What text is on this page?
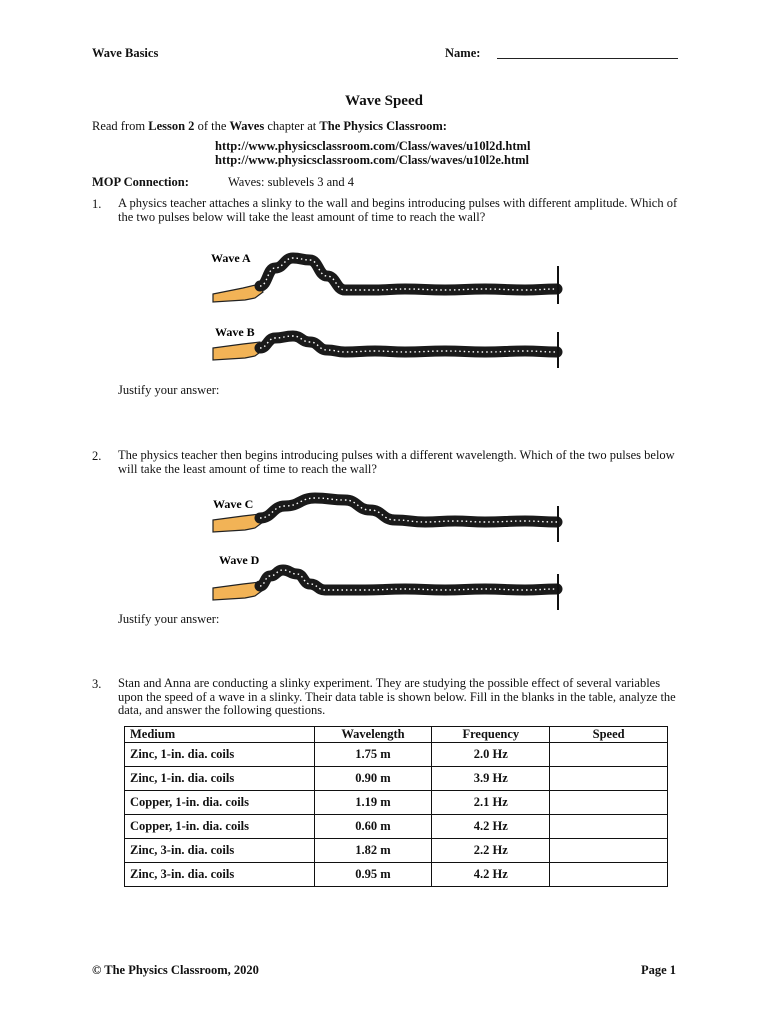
Wave Basics	Name:
Wave Speed
Read from Lesson 2 of the Waves chapter at The Physics Classroom:
http://www.physicsclassroom.com/Class/waves/u10l2d.html
http://www.physicsclassroom.com/Class/waves/u10l2e.html
MOP Connection:	Waves: sublevels 3 and 4
1. A physics teacher attaches a slinky to the wall and begins introducing pulses with different amplitude. Which of the two pulses below will take the least amount of time to reach the wall?
Wave A
Wave B
Justify your answer:
2. The physics teacher then begins introducing pulses with a different wavelength. Which of the two pulses below will take the least amount of time to reach the wall?
Wave C
Wave D
Justify your answer:
3. Stan and Anna are conducting a slinky experiment. They are studying the possible effect of several variables upon the speed of a wave in a slinky. Their data table is shown below. Fill in the blanks in the table, analyze the data, and answer the following questions.
Medium	Wavelength	Frequency	Speed
Zinc, 1-in. dia. coils	1.75 m	2.0 Hz	
Zinc, 1-in. dia. coils	0.90 m	3.9 Hz	
Copper, 1-in. dia. coils	1.19 m	2.1 Hz	
Copper, 1-in. dia. coils	0.60 m	4.2 Hz	
Zinc, 3-in. dia. coils	1.82 m	2.2 Hz	
Zinc, 3-in. dia. coils	0.95 m	4.2 Hz	
© The Physics Classroom, 2020	Page 1
